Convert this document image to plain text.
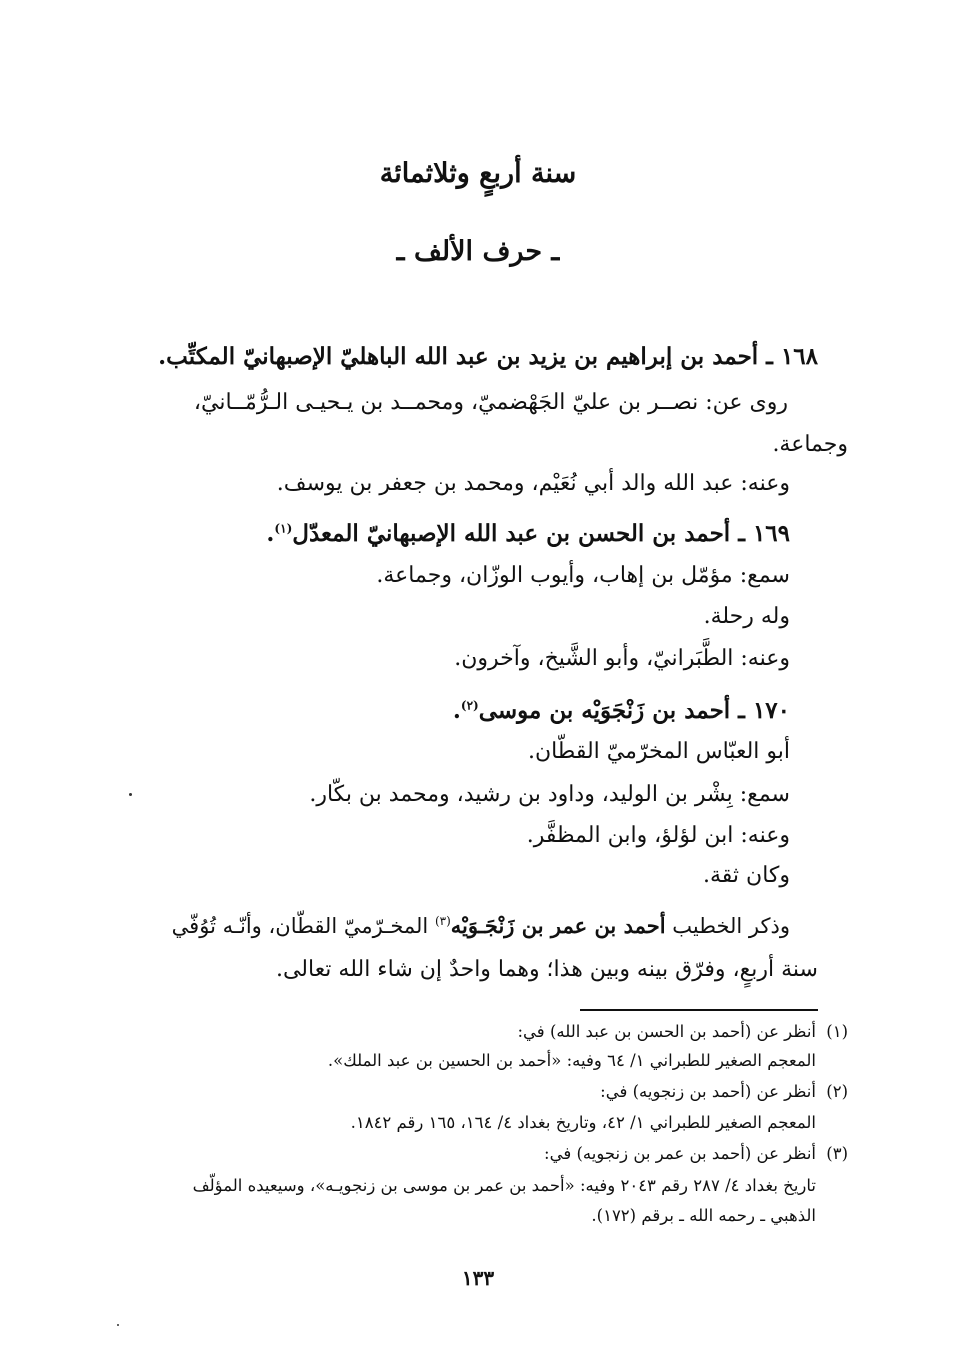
سنة أربعٍ وثلاثمائة
ـ حرف الألف ـ
١٦٨ ـ أحمد بن إبراهيم بن يزيد بن عبد الله الباهليّ الإصبهانيّ المكتِّب.
روى عن: نصــر بن عليّ الجَهْضميّ، ومحمــد بن يـحيـى الـرُّمّــانيّ،
وجماعة.
وعنه: عبد الله والد أبي نُعَيْم، ومحمد بن جعفر بن يوسف.
١٦٩ ـ أحمد بن الحسن بن عبد الله الإصبهانيّ المعدّل$^{(١)}$.
سمع: مؤمّل بن إهاب، وأيوب الوزّان، وجماعة.
وله رحلة.
وعنه: الطَّبَرانيّ، وأبو الشَّيخ، وآخرون.
١٧٠ ـ أحمد بن زَنْجَوَيْه بن موسى$^{(٢)}$.
أبو العبّاس المخرّميّ القطّان.
سمع: بِشْر بن الوليد، وداود بن رشيد، ومحمد بن بكّار.
وعنه: ابن لؤلؤ، وابن المظفَّر.
وكان ثقة.
وذكر الخطيب أحمد بن عمر بن زَنْجَـوَيْه$^{(٣)}$ المخـرّميّ القطّان، وأنّـه تُوُفّي
سنة أربعٍ، وفرّق بينه وبين هذا؛ وهما واحدٌ إن شاء الله تعالى.
(١)
أنظر عن (أحمد بن الحسن بن عبد الله) في:
المعجم الصغير للطبراني ١/ ٦٤ وفيه: «أحمد بن الحسين بن عبد الملك».
(٢)
أنظر عن (أحمد بن زنجويه) في:
المعجم الصغير للطبراني ١/ ٤٢، وتاريخ بغداد ٤/ ١٦٤، ١٦٥ رقم ١٨٤٢.
(٣)
أنظر عن (أحمد بن عمر بن زنجويه) في:
تاريخ بغداد ٤/ ٢٨٧ رقم ٢٠٤٣ وفيه: «أحمد بن عمر بن موسى بن زنجويـه»، وسيعيده المؤلّف
الذهبي ـ رحمه الله ـ برقم (١٧٢).
١٣٣
